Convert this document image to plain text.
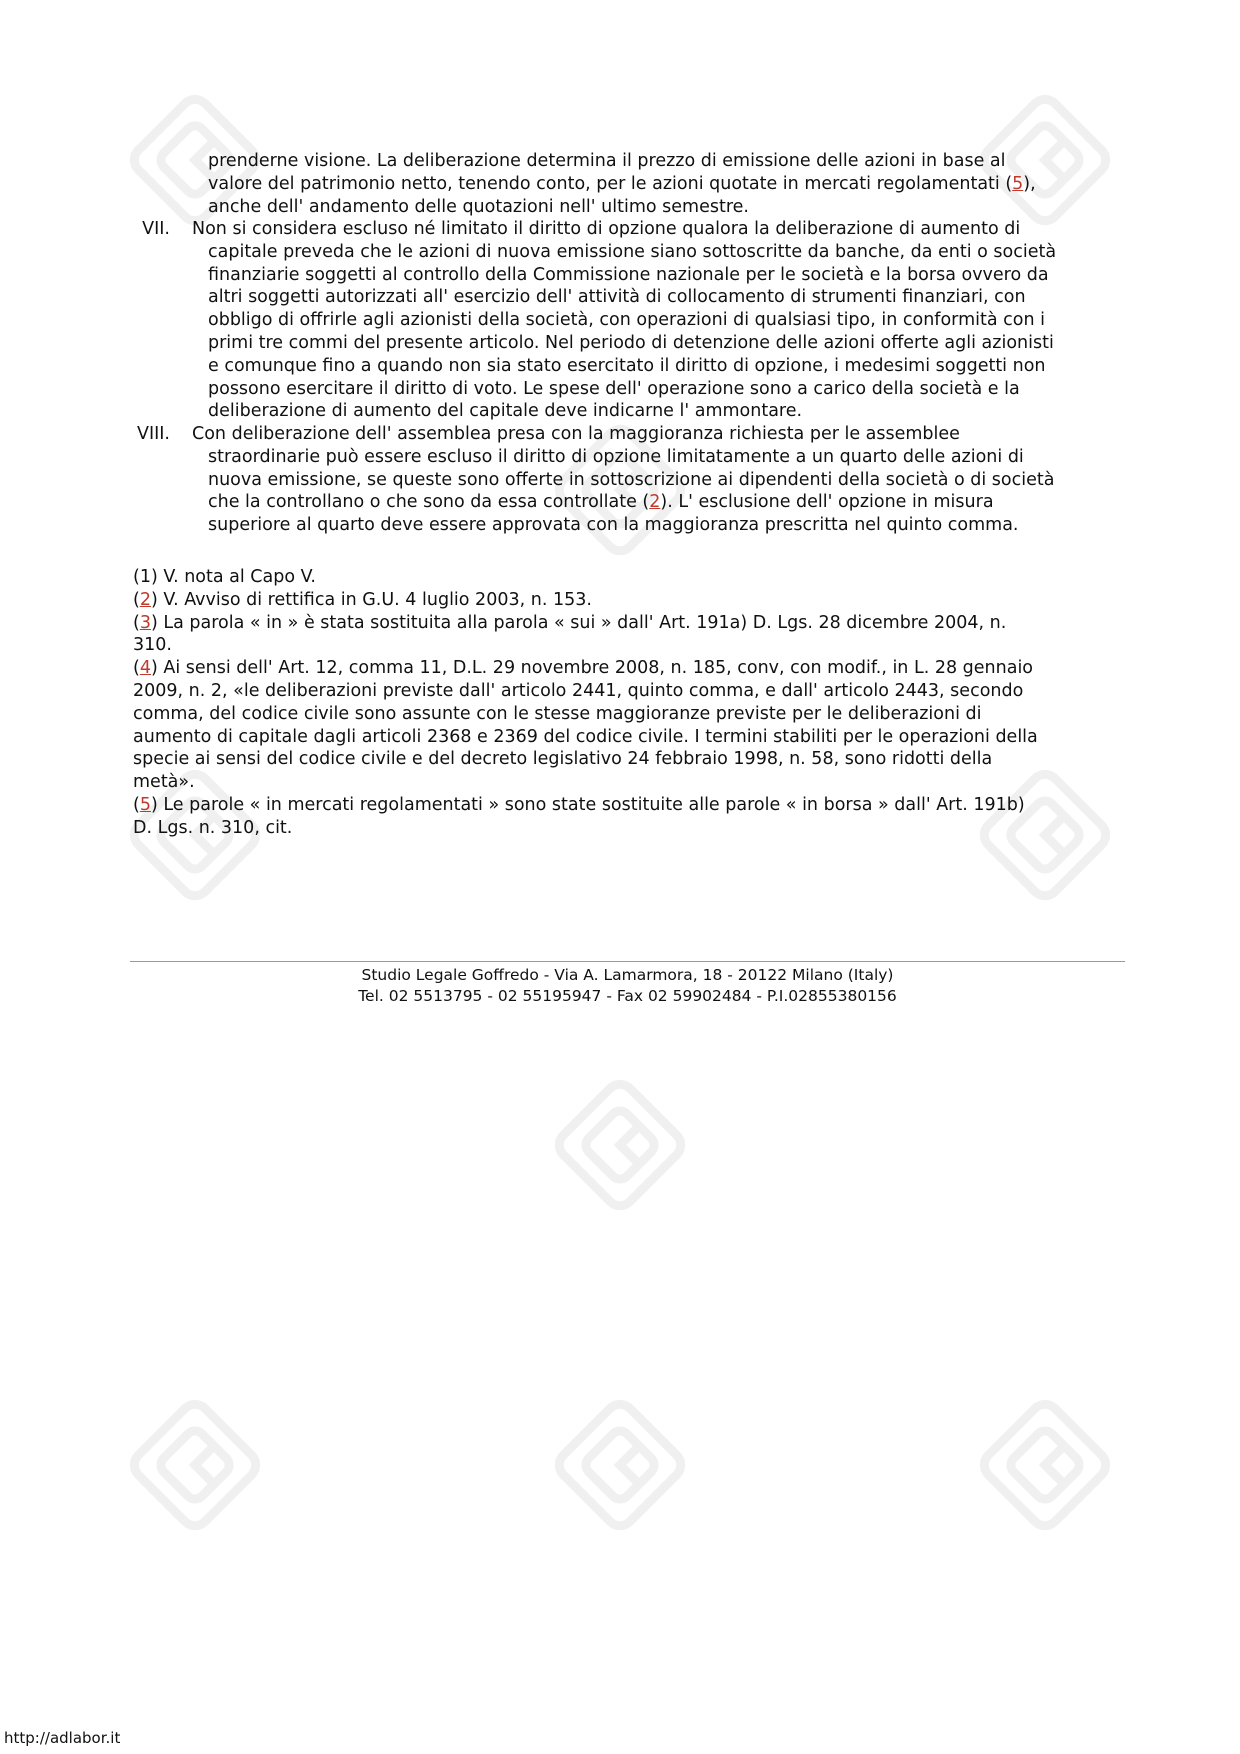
prenderne visione. La deliberazione determina il prezzo di emissione delle azioni in base al
valore del patrimonio netto, tenendo conto, per le azioni quotate in mercati regolamentati (5),
anche dell' andamento delle quotazioni nell' ultimo semestre.
VII. Non si considera escluso né limitato il diritto di opzione qualora la deliberazione di aumento di
capitale preveda che le azioni di nuova emissione siano sottoscritte da banche, da enti o società
finanziarie soggetti al controllo della Commissione nazionale per le società e la borsa ovvero da
altri soggetti autorizzati all' esercizio dell' attività di collocamento di strumenti finanziari, con
obbligo di offrirle agli azionisti della società, con operazioni di qualsiasi tipo, in conformità con i
primi tre commi del presente articolo. Nel periodo di detenzione delle azioni offerte agli azionisti
e comunque fino a quando non sia stato esercitato il diritto di opzione, i medesimi soggetti non
possono esercitare il diritto di voto. Le spese dell' operazione sono a carico della società e la
deliberazione di aumento del capitale deve indicarne l' ammontare.
VIII. Con deliberazione dell' assemblea presa con la maggioranza richiesta per le assemblee
straordinarie può essere escluso il diritto di opzione limitatamente a un quarto delle azioni di
nuova emissione, se queste sono offerte in sottoscrizione ai dipendenti della società o di società
che la controllano o che sono da essa controllate (2). L' esclusione dell' opzione in misura
superiore al quarto deve essere approvata con la maggioranza prescritta nel quinto comma.
(1) V. nota al Capo V.
(2) V. Avviso di rettifica in G.U. 4 luglio 2003, n. 153.
(3) La parola « in » è stata sostituita alla parola « sui » dall' Art. 191a) D. Lgs. 28 dicembre 2004, n.
310.
(4) Ai sensi dell' Art. 12, comma 11, D.L. 29 novembre 2008, n. 185, conv, con modif., in L. 28 gennaio
2009, n. 2, «le deliberazioni previste dall' articolo 2441, quinto comma, e dall' articolo 2443, secondo
comma, del codice civile sono assunte con le stesse maggioranze previste per le deliberazioni di
aumento di capitale dagli articoli 2368 e 2369 del codice civile. I termini stabiliti per le operazioni della
specie ai sensi del codice civile e del decreto legislativo 24 febbraio 1998, n. 58, sono ridotti della
metà».
(5) Le parole « in mercati regolamentati » sono state sostituite alle parole « in borsa » dall' Art. 191b)
D. Lgs. n. 310, cit.
Studio Legale Goffredo - Via A. Lamarmora, 18 - 20122 Milano (Italy)
Tel. 02 5513795 - 02 55195947 - Fax 02 59902484 - P.I.02855380156
http://adlabor.it
